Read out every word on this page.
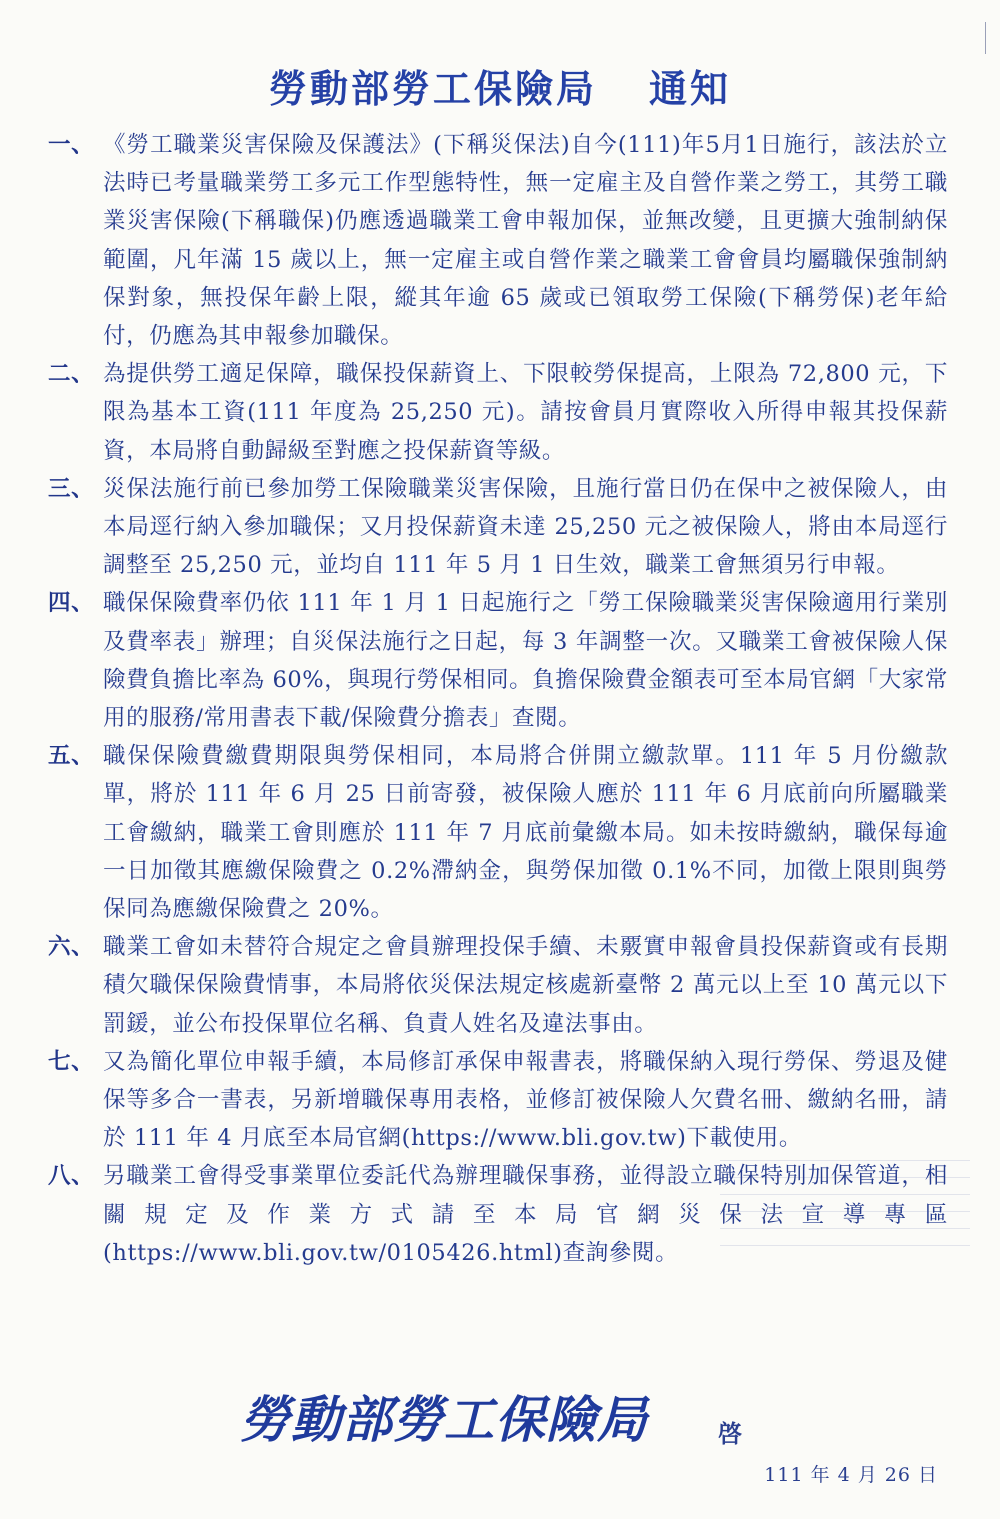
勞動部勞工保險局 通知
一、 《勞工職業災害保險及保護法》(下稱災保法)自今(111)年5月1日施行，該法於立法時已考量職業勞工多元工作型態特性，無一定雇主及自營作業之勞工，其勞工職業災害保險(下稱職保)仍應透過職業工會申報加保，並無改變，且更擴大強制納保範圍，凡年滿 15 歲以上，無一定雇主或自營作業之職業工會會員均屬職保強制納保對象，無投保年齡上限，縱其年逾 65 歲或已領取勞工保險(下稱勞保)老年給付，仍應為其申報參加職保。
二、 為提供勞工適足保障，職保投保薪資上、下限較勞保提高，上限為 72,800 元，下限為基本工資(111 年度為 25,250 元)。請按會員月實際收入所得申報其投保薪資，本局將自動歸級至對應之投保薪資等級。
三、 災保法施行前已參加勞工保險職業災害保險，且施行當日仍在保中之被保險人，由本局逕行納入參加職保；又月投保薪資未達 25,250 元之被保險人，將由本局逕行調整至 25,250 元，並均自 111 年 5 月 1 日生效，職業工會無須另行申報。
四、 職保保險費率仍依 111 年 1 月 1 日起施行之「勞工保險職業災害保險適用行業別及費率表」辦理；自災保法施行之日起，每 3 年調整一次。又職業工會被保險人保險費負擔比率為 60%，與現行勞保相同。負擔保險費金額表可至本局官網「大家常用的服務/常用書表下載/保險費分擔表」查閱。
五、 職保保險費繳費期限與勞保相同，本局將合併開立繳款單。111 年 5 月份繳款單，將於 111 年 6 月 25 日前寄發，被保險人應於 111 年 6 月底前向所屬職業工會繳納，職業工會則應於 111 年 7 月底前彙繳本局。如未按時繳納，職保每逾一日加徵其應繳保險費之 0.2%滯納金，與勞保加徵 0.1%不同，加徵上限則與勞保同為應繳保險費之 20%。
六、 職業工會如未替符合規定之會員辦理投保手續、未覈實申報會員投保薪資或有長期積欠職保保險費情事，本局將依災保法規定核處新臺幣 2 萬元以上至 10 萬元以下罰鍰，並公布投保單位名稱、負責人姓名及違法事由。
七、 又為簡化單位申報手續，本局修訂承保申報書表，將職保納入現行勞保、勞退及健保等多合一書表，另新增職保專用表格，並修訂被保險人欠費名冊、繳納名冊，請於 111 年 4 月底至本局官網(https://www.bli.gov.tw)下載使用。
八、 另職業工會得受事業單位委託代為辦理職保事務，並得設立職保特別加保管道，相關規定及作業方式請至本局官網災保法宣導專區(https://www.bli.gov.tw/0105426.html)查詢參閱。
勞動部勞工保險局	啓
111 年 4 月 26 日
